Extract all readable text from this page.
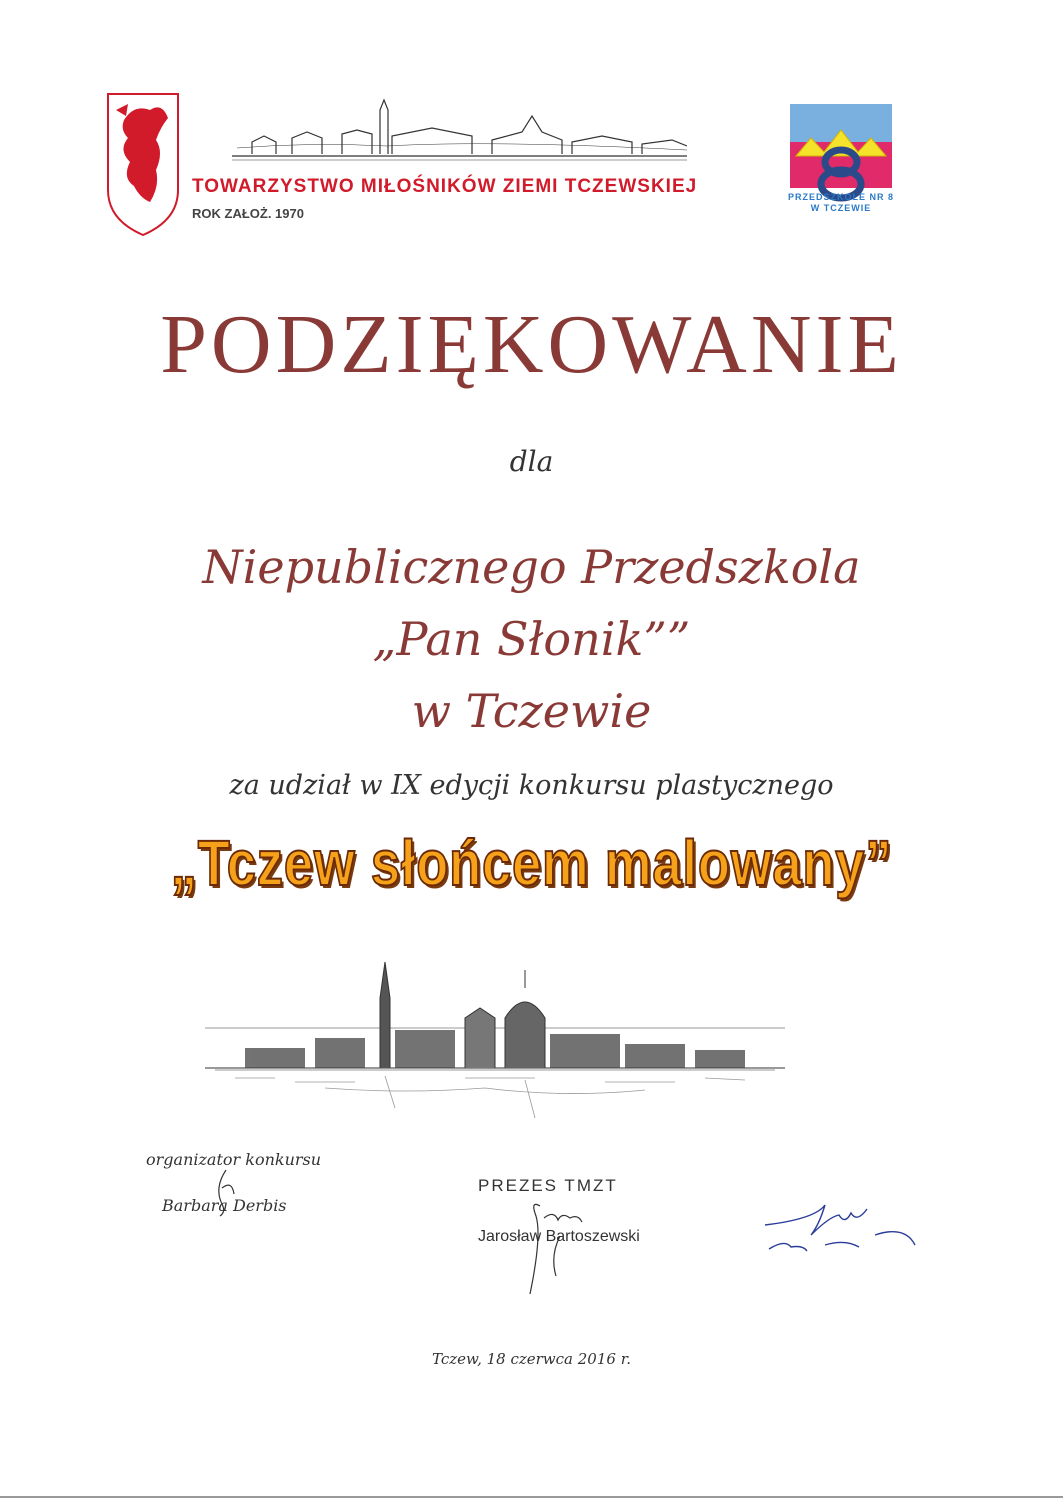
TOWARZYSTWO MIŁOŚNIKÓW ZIEMI TCZEWSKIEJ
ROK ZAŁOŻ. 1970
PRZEDSZKOLE NR 8 W TCZEWIE
PODZIĘKOWANIE
dla
Niepublicznego Przedszkola
„Pan Słonik””
w Tczewie
za udział w IX edycji konkursu plastycznego
„Tczew słońcem malowany”
organizator konkursu
Barbara Derbis
PREZES TMZT
Jarosław Bartoszewski
Tczew, 18 czerwca 2016 r.
